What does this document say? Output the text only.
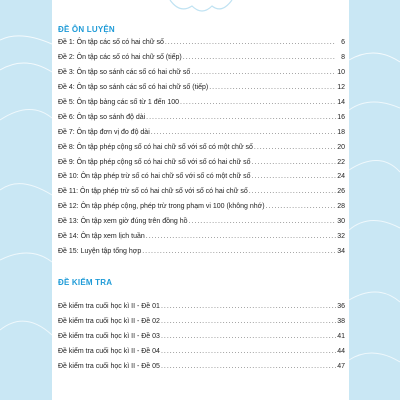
ĐỀ ÔN LUYỆN
Đề 1: Ôn tập các số có hai chữ số .....	6
Đề 2: Ôn tập các số có hai chữ số (tiếp) .....	8
Đề 3: Ôn tập so sánh các số có hai chữ số .....	10
Đề 4: Ôn tập so sánh các số có hai chữ số (tiếp) .....	12
Đề 5: Ôn tập bảng các số từ 1 đến 100 .....	14
Đề 6: Ôn tập so sánh độ dài .....	16
Đề 7: Ôn tập đơn vị đo độ dài .....	18
Đề 8: Ôn tập phép cộng số có hai chữ số với số có một chữ số .....	20
Đề 9: Ôn tập phép cộng số có hai chữ số với số có hai chữ số .....	22
Đề 10: Ôn tập phép trừ số có hai chữ số với số có một chữ số .....	24
Đề 11: Ôn tập phép trừ số có hai chữ số với số có hai chữ số .....	26
Đề 12: Ôn tập phép cộng, phép trừ trong phạm vi 100 (không nhớ) .....	28
Đề 13: Ôn tập xem giờ đúng trên đồng hồ .....	30
Đề 14: Ôn tập xem lịch tuần .....	32
Đề 15: Luyện tập tổng hợp .....	34
ĐỀ KIỂM TRA
Đề kiểm tra cuối học kì II - Đề 01 .....	36
Đề kiểm tra cuối học kì II - Đề 02 .....	38
Đề kiểm tra cuối học kì II - Đề 03 .....	41
Đề kiểm tra cuối học kì II - Đề 04 .....	44
Đề kiểm tra cuối học kì II - Đề 05 .....	47
